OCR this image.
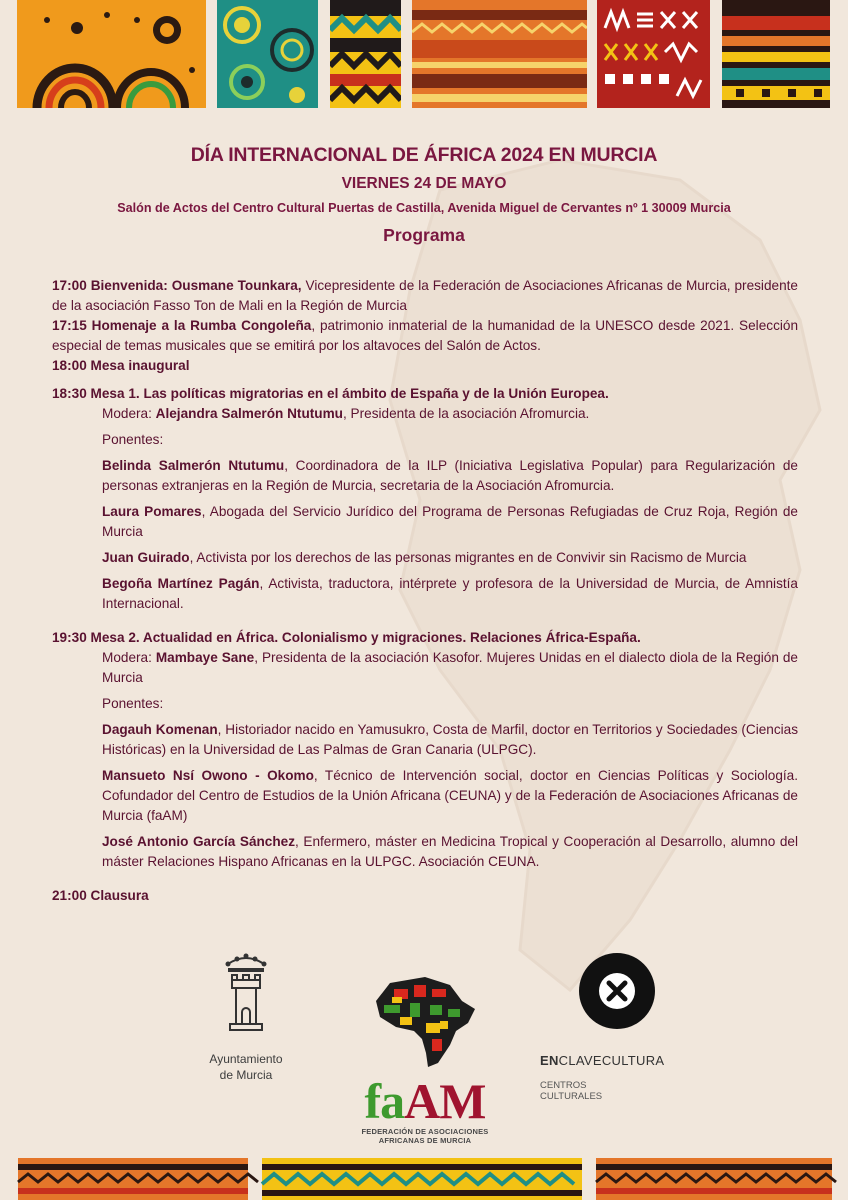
DÍA INTERNACIONAL DE ÁFRICA 2024 EN MURCIA
VIERNES 24 DE MAYO
Salón de Actos del Centro Cultural Puertas de Castilla, Avenida Miguel de Cervantes nº 1 30009 Murcia
Programa

17:00 Bienvenida: Ousmane Tounkara, Vicepresidente de la Federación de Asociaciones Africanas de Murcia, presidente de la asociación Fasso Ton de Mali en la Región de Murcia

17:15 Homenaje a la Rumba Congoleña, patrimonio inmaterial de la humanidad de la UNESCO desde 2021. Selección especial de temas musicales que se emitirá por los altavoces del Salón de Actos.

18:00 Mesa inaugural

18:30 Mesa 1. Las políticas migratorias en el ámbito de España y de la Unión Europea.

Modera: Alejandra Salmerón Ntutumu, Presidenta de la asociación Afromurcia.

Ponentes:

Belinda Salmerón Ntutumu, Coordinadora de la ILP (Iniciativa Legislativa Popular) para Regularización de personas extranjeras en la Región de Murcia, secretaria de la Asociación Afromurcia.

Laura Pomares, Abogada del Servicio Jurídico del Programa de Personas Refugiadas de Cruz Roja, Región de Murcia

Juan Guirado, Activista por los derechos de las personas migrantes en de Convivir sin Racismo de Murcia

Begoña Martínez Pagán, Activista, traductora, intérprete y profesora de la Universidad de Murcia, de Amnistía Internacional.

19:30 Mesa 2. Actualidad en África. Colonialismo y migraciones. Relaciones África-España.

Modera: Mambaye Sane, Presidenta de la asociación Kasofor. Mujeres Unidas en el dialecto diola de la Región de Murcia

Ponentes:

Dagauh Komenan, Historiador nacido en Yamusukro, Costa de Marfil, doctor en Territorios y Sociedades (Ciencias Históricas) en la Universidad de Las Palmas de Gran Canaria (ULPGC).

Mansueto Nsí Owono - Okomo, Técnico de Intervención social, doctor en Ciencias Políticas y Sociología. Cofundador del Centro de Estudios de la Unión Africana (CEUNA) y de la Federación de Asociaciones Africanas de Murcia (faAM)

José Antonio García Sánchez, Enfermero, máster en Medicina Tropical y Cooperación al Desarrollo, alumno del máster Relaciones Hispano Africanas en la ULPGC. Asociación CEUNA.

21:00 Clausura

Ayuntamiento
de Murcia	faAM
FEDERACIÓN DE ASOCIACIONES
AFRICANAS DE MURCIA
ENCLAVECULTURA
CENTROS
CULTURALES
